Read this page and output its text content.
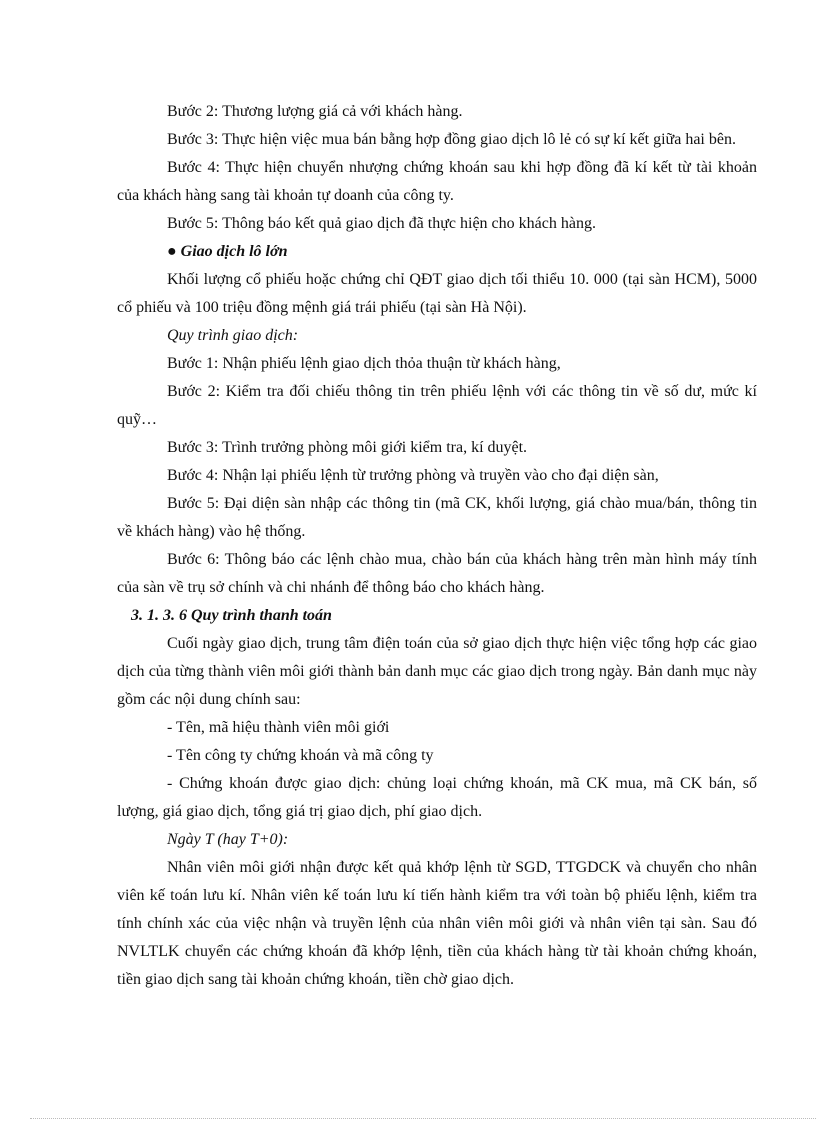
Bước 2: Thương lượng giá cả với khách hàng.

Bước 3: Thực hiện việc mua bán bằng hợp đồng giao dịch lô lẻ có sự kí kết giữa hai bên.

Bước 4: Thực hiện chuyển nhượng chứng khoán sau khi hợp đồng đã kí kết từ tài khoản của khách hàng sang tài khoản tự doanh của công ty.

Bước 5: Thông báo kết quả giao dịch đã thực hiện cho khách hàng.

● Giao dịch lô lớn

Khối lượng cổ phiếu hoặc chứng chỉ QĐT giao dịch tối thiểu 10. 000 (tại sàn HCM), 5000 cổ phiếu và 100 triệu đồng mệnh giá trái phiếu (tại sàn Hà Nội).

Quy trình giao dịch:

Bước 1: Nhận phiếu lệnh giao dịch thỏa thuận từ khách hàng,

Bước 2: Kiểm tra đối chiếu thông tin trên phiếu lệnh với các thông tin về số dư, mức kí quỹ…

Bước 3: Trình trưởng phòng môi giới kiểm tra, kí duyệt.

Bước 4: Nhận lại phiếu lệnh từ trưởng phòng và truyền vào cho đại diện sàn,

Bước 5: Đại diện sàn nhập các thông tin (mã CK, khối lượng, giá chào mua/bán, thông tin về khách hàng) vào hệ thống.

Bước 6: Thông báo các lệnh chào mua, chào bán của khách hàng trên màn hình máy tính của sàn về trụ sở chính và chi nhánh để thông báo cho khách hàng.

3. 1. 3. 6 Quy trình thanh toán

Cuối ngày giao dịch, trung tâm điện toán của sở giao dịch thực hiện việc tổng hợp các giao dịch của từng thành viên môi giới thành bản danh mục các giao dịch trong ngày. Bản danh mục này gồm các nội dung chính sau:

- Tên, mã hiệu thành viên môi giới

- Tên công ty chứng khoán và mã công ty

- Chứng khoán được giao dịch: chủng loại chứng khoán, mã CK mua, mã CK bán, số lượng, giá giao dịch, tổng giá trị giao dịch, phí giao dịch.

Ngày T (hay T+0):

Nhân viên môi giới nhận được kết quả khớp lệnh từ SGD, TTGDCK và chuyển cho nhân viên kế toán lưu kí. Nhân viên kế toán lưu kí tiến hành kiểm tra với toàn bộ phiếu lệnh, kiểm tra tính chính xác của việc nhận và truyền lệnh của nhân viên môi giới và nhân viên tại sàn. Sau đó NVLTLK chuyển các chứng khoán đã khớp lệnh, tiền của khách hàng từ tài khoản chứng khoán, tiền giao dịch sang tài khoản chứng khoán, tiền chờ giao dịch.
